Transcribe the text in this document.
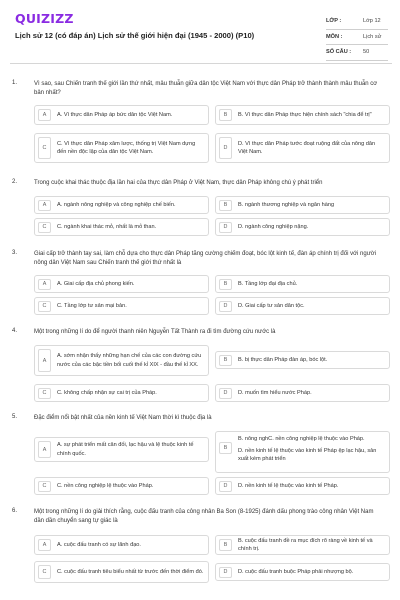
QUIZIZZ
Lịch sử 12 (có đáp án) Lịch sử thế giới hiện đại (1945 - 2000) (P10)
LỚP :	Lớp 12
MÔN :	Lịch sử
SỐ CÂU :	50
1.	Vì sao, sau Chiến tranh thế giới lần thứ nhất, mâu thuẫn giữa dân tộc Việt Nam với thực dân Pháp trở thành thành mâu thuẫn cơ bản nhất?
A	A. Vì thực dân Pháp áp bức dân tộc Việt Nam.	B	B. Vì thực dân Pháp thực hiện chính sách "chia để trị"
C
C. Vì thực dân Pháp xâm lược, thống trị Việt Nam dựng đến nền độc lập của dân tộc Việt Nam.
D
D. Vì thực dân Pháp tước đoạt ruộng đất của nông dân Việt Nam.
2.	Trong cuộc khai thác thuộc địa lần hai của thực dân Pháp ở Việt Nam, thực dân Pháp không chú ý phát triển
A	A. ngành nông nghiệp và công nghiệp chế biến.	B	B. ngành thương nghiệp và ngân hàng
C	C. ngành khai thác mỏ, nhất là mỏ than.	D	D. ngành công nghiệp nặng.
3.	Giai cấp trở thành tay sai, làm chỗ dựa cho thực dân Pháp tăng cường chiếm đoạt, bóc lột kinh tế, đàn áp chính trị đối với người nông dân Việt Nam sau Chiến tranh thế giới thứ nhất là
A	A. Giai cấp địa chủ phong kiến.	B	B. Tầng lớp đại địa chủ.
C	C. Tầng lớp tư sản mại bản.	D	D. Giai cấp tư sản dân tộc.
4.	Một trong những lí do để người thanh niên Nguyễn Tất Thành ra đi tìm đường cứu nước là
A
A. sớm nhận thấy những hạn chế của các con đường cứu nước của các bậc tiền bối cuối thế kỉ XIX - đầu thế kỉ XX.
B	B. bị thực dân Pháp đàn áp, bóc lột.
C	C. không chấp nhận sự cai trị của Pháp.	D	D. muốn tìm hiểu nước Pháp.
5.	Đặc điểm nổi bật nhất của nền kinh tế Việt Nam thời kì thuộc địa là
A
A. sự phát triển mất cân đối, lạc hậu và lệ thuộc kinh tế chính quốc.
B
B. nông nghC. nền công nghiệp lệ thuộc vào Pháp.
D. nền kinh tế lệ thuộc vào kinh tế Pháp ệp lạc hậu, sản xuất kém phát triển
C	C. nền công nghiệp lệ thuộc vào Pháp.	D	D. nền kinh tế lệ thuộc vào kinh tế Pháp.
6.	Một trong những lí do giải thích rằng, cuộc đấu tranh của công nhân Ba Son (8-1925) đánh dấu phong trào công nhân Việt Nam dần dần chuyển sang tự giác là
A	A. cuộc đấu tranh có sự lãnh đạo.	B
B. cuộc đấu tranh đề ra mục đích rõ ràng về kinh tế và chính trị.
C	C. cuộc đấu tranh tiêu biểu nhất từ trước đến thời điểm đó.	D	D. cuộc đấu tranh buộc Pháp phải nhượng bộ.
